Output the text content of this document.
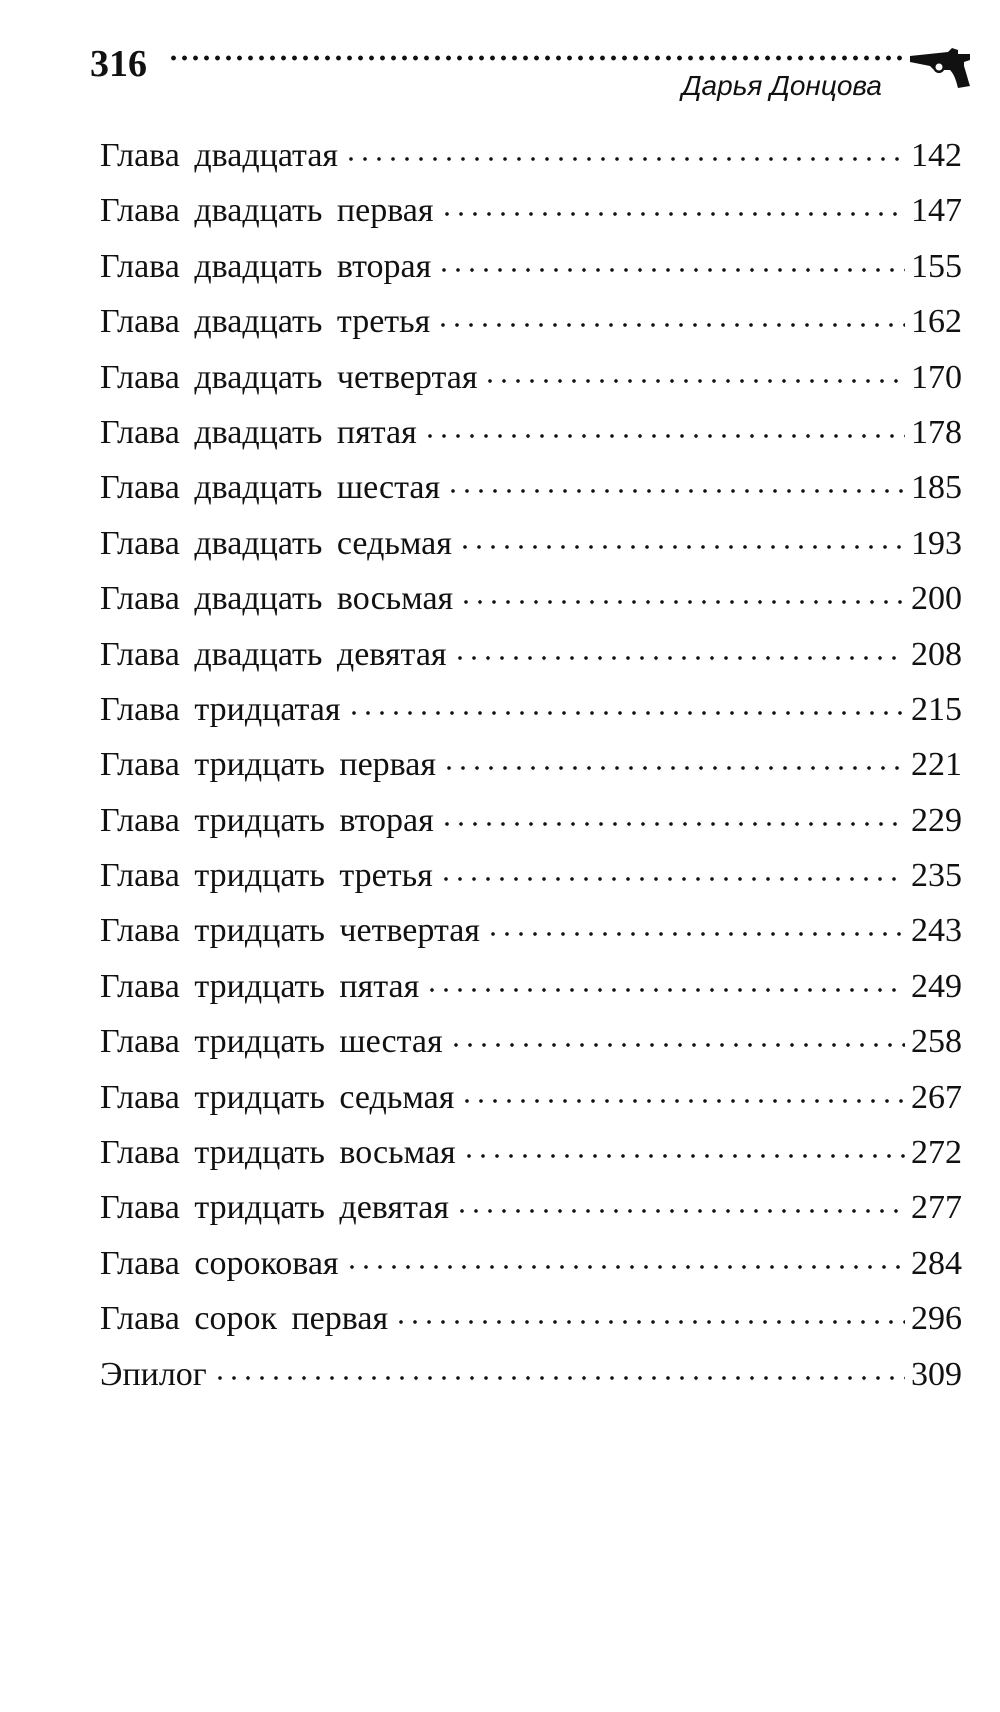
316
Дарья Донцова
Глава двадцатая	142
Глава двадцать первая	147
Глава двадцать вторая	155
Глава двадцать третья	162
Глава двадцать четвертая	170
Глава двадцать пятая	178
Глава двадцать шестая	185
Глава двадцать седьмая	193
Глава двадцать восьмая	200
Глава двадцать девятая	208
Глава тридцатая	215
Глава тридцать первая	221
Глава тридцать вторая	229
Глава тридцать третья	235
Глава тридцать четвертая	243
Глава тридцать пятая	249
Глава тридцать шестая	258
Глава тридцать седьмая	267
Глава тридцать восьмая	272
Глава тридцать девятая	277
Глава сороковая	284
Глава сорок первая	296
Эпилог	309
